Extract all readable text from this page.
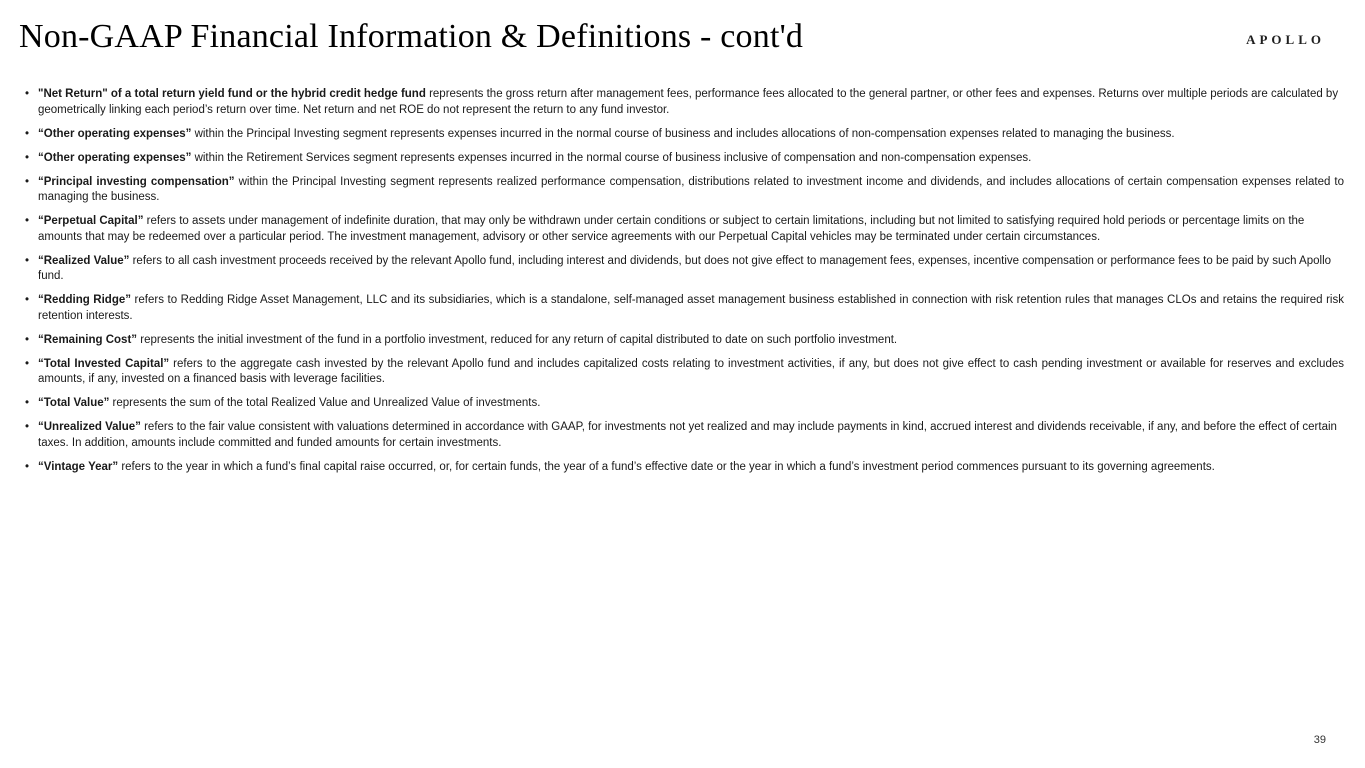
Non-GAAP Financial Information & Definitions - cont'd	APOLLO
• "Net Return" of a total return yield fund or the hybrid credit hedge fund represents the gross return after management fees, performance fees allocated to the general partner, or other fees and expenses. Returns over multiple periods are calculated by geometrically linking each period’s return over time. Net return and net ROE do not represent the return to any fund investor.
• “Other operating expenses” within the Principal Investing segment represents expenses incurred in the normal course of business and includes allocations of non-compensation expenses related to managing the business.
• “Other operating expenses” within the Retirement Services segment represents expenses incurred in the normal course of business inclusive of compensation and non-compensation expenses.
• “Principal investing compensation” within the Principal Investing segment represents realized performance compensation, distributions related to investment income and dividends, and includes allocations of certain compensation expenses related to managing the business.
• “Perpetual Capital” refers to assets under management of indefinite duration, that may only be withdrawn under certain conditions or subject to certain limitations, including but not limited to satisfying required hold periods or percentage limits on the amounts that may be redeemed over a particular period. The investment management, advisory or other service agreements with our Perpetual Capital vehicles may be terminated under certain circumstances.
• “Realized Value” refers to all cash investment proceeds received by the relevant Apollo fund, including interest and dividends, but does not give effect to management fees, expenses, incentive compensation or performance fees to be paid by such Apollo fund.
• “Redding Ridge” refers to Redding Ridge Asset Management, LLC and its subsidiaries, which is a standalone, self-managed asset management business established in connection with risk retention rules that manages CLOs and retains the required risk retention interests.
• “Remaining Cost” represents the initial investment of the fund in a portfolio investment, reduced for any return of capital distributed to date on such portfolio investment.
• “Total Invested Capital” refers to the aggregate cash invested by the relevant Apollo fund and includes capitalized costs relating to investment activities, if any, but does not give effect to cash pending investment or available for reserves and excludes amounts, if any, invested on a financed basis with leverage facilities.
• “Total Value” represents the sum of the total Realized Value and Unrealized Value of investments.
• “Unrealized Value” refers to the fair value consistent with valuations determined in accordance with GAAP, for investments not yet realized and may include payments in kind, accrued interest and dividends receivable, if any, and before the effect of certain taxes. In addition, amounts include committed and funded amounts for certain investments.
• “Vintage Year” refers to the year in which a fund’s final capital raise occurred, or, for certain funds, the year of a fund’s effective date or the year in which a fund’s investment period commences pursuant to its governing agreements.
39
